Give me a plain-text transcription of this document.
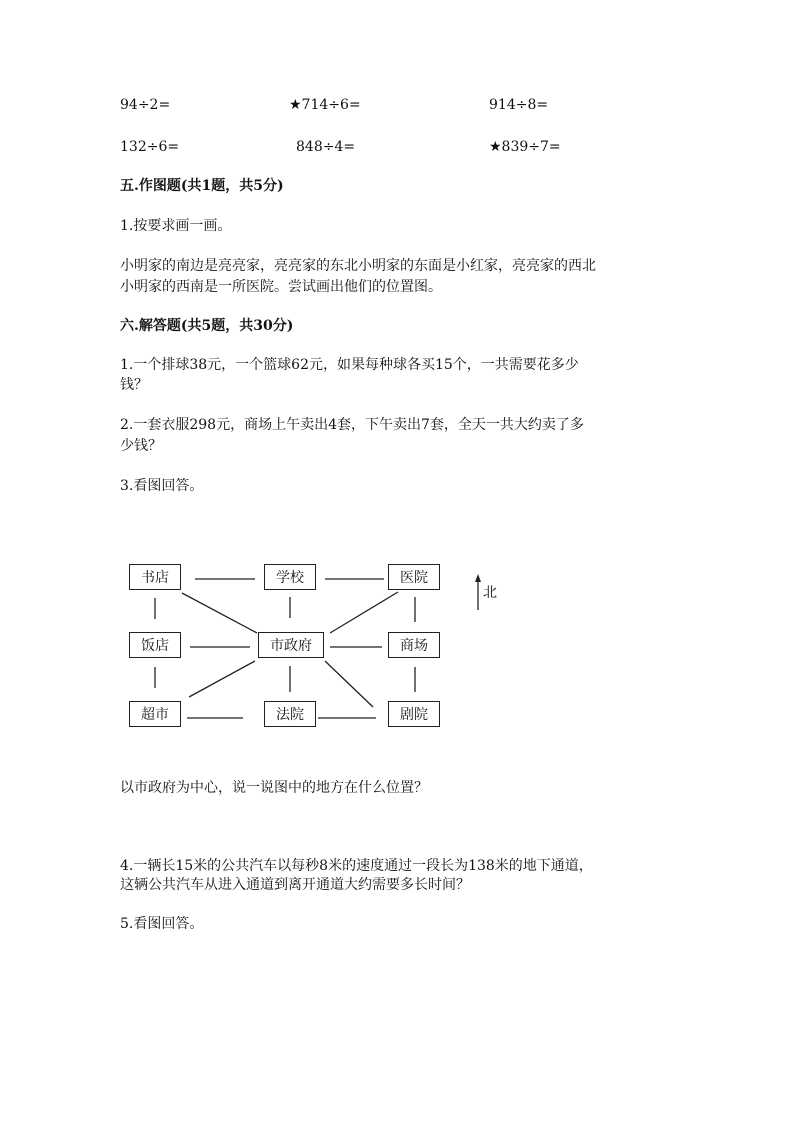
94÷2=	★714÷6=	914÷8=
132÷6=	848÷4=	★839÷7=
五.作图题(共1题，共5分)
1.按要求画一画。
小明家的南边是亮亮家，亮亮家的东北小明家的东面是小红家，亮亮家的西北
小明家的西南是一所医院。尝试画出他们的位置图。
六.解答题(共5题，共30分)
1.一个排球38元，一个篮球62元，如果每种球各买15个，一共需要花多少
钱？
2.一套衣服298元，商场上午卖出4套，下午卖出7套，全天一共大约卖了多
少钱？
3.看图回答。
书店	学校	医院
饭店	市政府	商场
超市	法院	剧院
北
以市政府为中心，说一说图中的地方在什么位置？
4.一辆长15米的公共汽车以每秒8米的速度通过一段长为138米的地下通道，
这辆公共汽车从进入通道到离开通道大约需要多长时间？
5.看图回答。
